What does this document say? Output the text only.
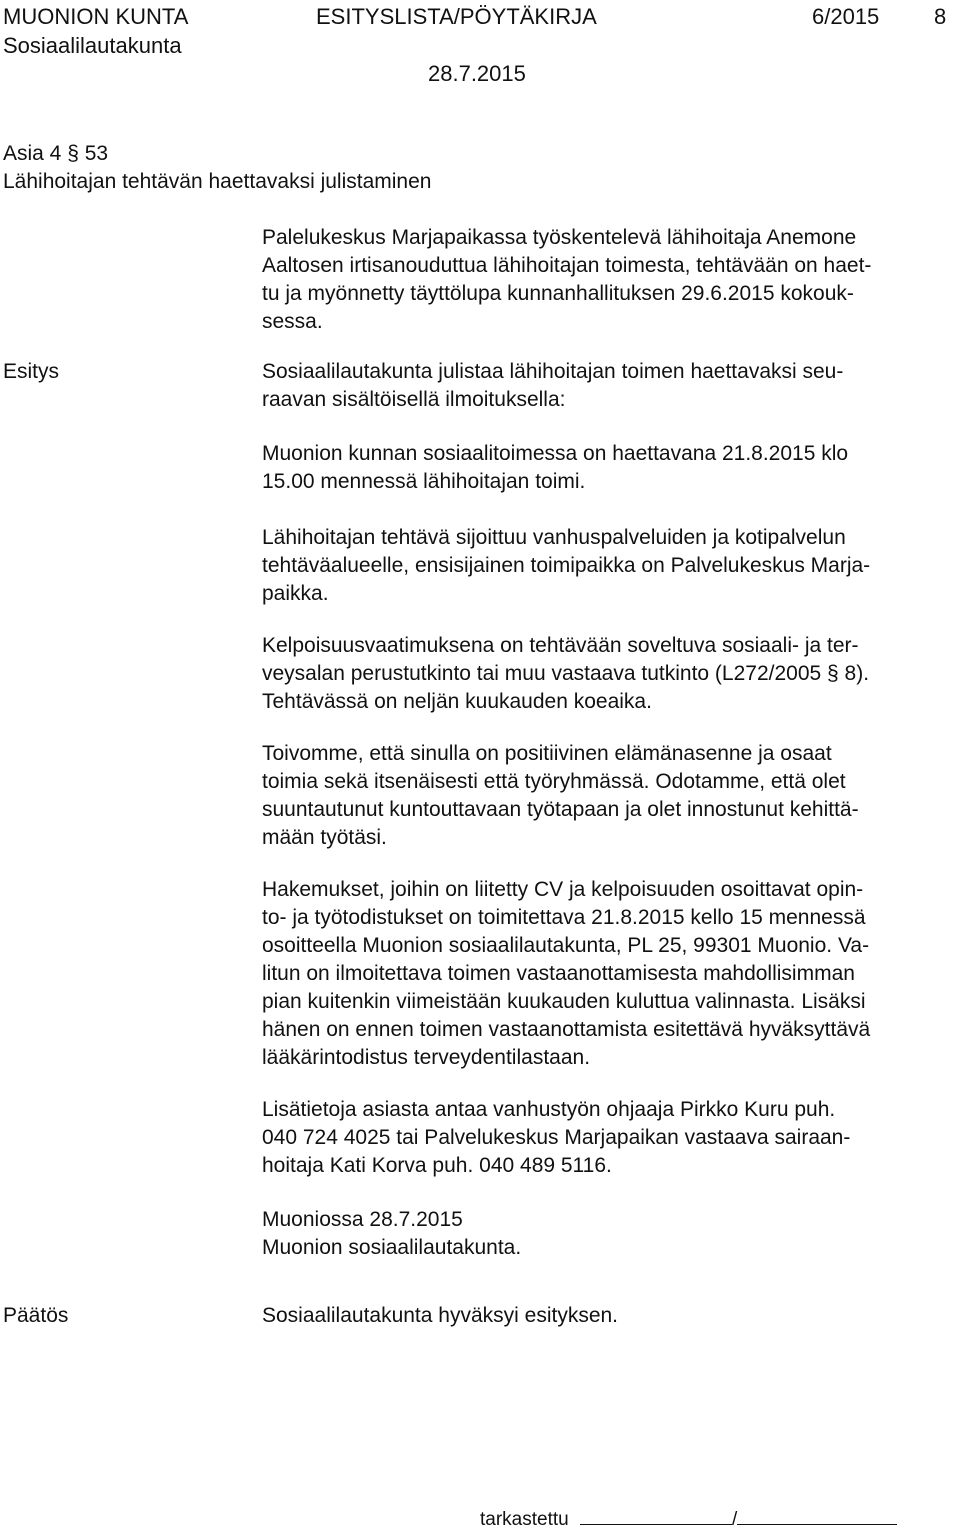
MUONION KUNTA	ESITYSLISTA/PÖYTÄKIRJA	6/2015 8
Sosiaalilautakunta
28.7.2015
Asia 4 § 53
Lähihoitajan tehtävän haettavaksi julistaminen
Palelukeskus Marjapaikassa työskentelevä lähihoitaja Anemone
Aaltosen irtisanouduttua lähihoitajan toimesta, tehtävään on haet-
tu ja myönnetty täyttölupa kunnanhallituksen 29.6.2015 kokouk-
sessa.
Esitys	Sosiaalilautakunta julistaa lähihoitajan toimen haettavaksi seu-
raavan sisältöisellä ilmoituksella:
Muonion kunnan sosiaalitoimessa on haettavana 21.8.2015 klo
15.00 mennessä lähihoitajan toimi.
Lähihoitajan tehtävä sijoittuu vanhuspalveluiden ja kotipalvelun
tehtäväalueelle, ensisijainen toimipaikka on Palvelukeskus Marja-
paikka.
Kelpoisuusvaatimuksena on tehtävään soveltuva sosiaali- ja ter-
veysalan perustutkinto tai muu vastaava tutkinto (L272/2005 § 8).
Tehtävässä on neljän kuukauden koeaika.
Toivomme, että sinulla on positiivinen elämänasenne ja osaat
toimia sekä itsenäisesti että työryhmässä. Odotamme, että olet
suuntautunut kuntouttavaan työtapaan ja olet innostunut kehittä-
mään työtäsi.
Hakemukset, joihin on liitetty CV ja kelpoisuuden osoittavat opin-
to- ja työtodistukset on toimitettava 21.8.2015 kello 15 mennessä
osoitteella Muonion sosiaalilautakunta, PL 25, 99301 Muonio. Va-
litun on ilmoitettava toimen vastaanottamisesta mahdollisimman
pian kuitenkin viimeistään kuukauden kuluttua valinnasta. Lisäksi
hänen on ennen toimen vastaanottamista esitettävä hyväksyttävä
lääkärintodistus terveydentilastaan.
Lisätietoja asiasta antaa vanhustyön ohjaaja Pirkko Kuru puh.
040 724 4025 tai Palvelukeskus Marjapaikan vastaava sairaan-
hoitaja Kati Korva puh. 040 489 5116.
Muoniossa 28.7.2015
Muonion sosiaalilautakunta.
Päätös	Sosiaalilautakunta hyväksyi esityksen.
tarkastettu	/
